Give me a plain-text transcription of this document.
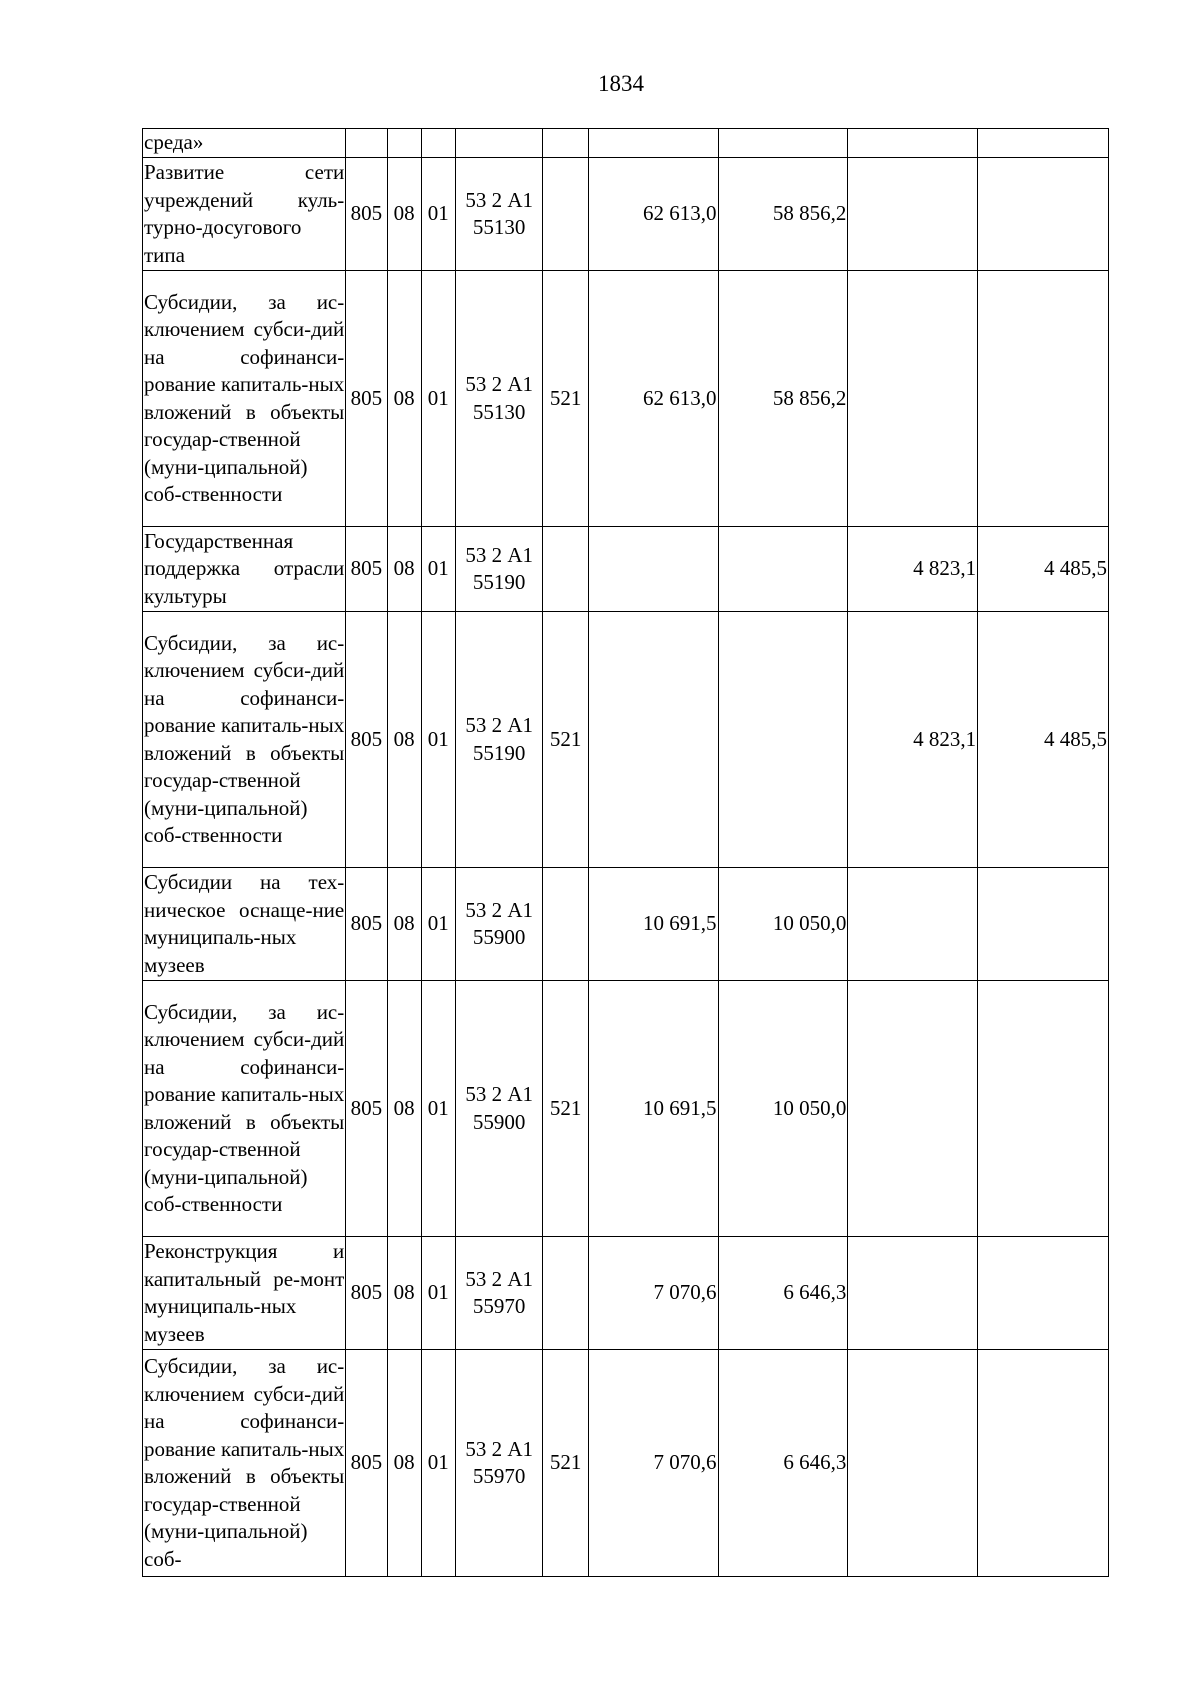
1834
среда»									
Развитие сети учреждений куль-турно-досугового типа	805	08	01	53 2 А1 55130		62 613,0	58 856,2		
Субсидии, за ис-ключением субси-дий на софинанси-рование капиталь-ных вложений в объекты государ-ственной (муни-ципальной) соб-ственности	805	08	01	53 2 А1 55130	521	62 613,0	58 856,2		
Государственная поддержка отрасли культуры	805	08	01	53 2 А1 55190				4 823,1	4 485,5
Субсидии, за ис-ключением субси-дий на софинанси-рование капиталь-ных вложений в объекты государ-ственной (муни-ципальной) соб-ственности	805	08	01	53 2 А1 55190	521			4 823,1	4 485,5
Субсидии на тех-ническое оснаще-ние муниципаль-ных музеев	805	08	01	53 2 А1 55900		10 691,5	10 050,0		
Субсидии, за ис-ключением субси-дий на софинанси-рование капиталь-ных вложений в объекты государ-ственной (муни-ципальной) соб-ственности	805	08	01	53 2 А1 55900	521	10 691,5	10 050,0		
Реконструкция и капитальный ре-монт муниципаль-ных музеев	805	08	01	53 2 А1 55970		7 070,6	6 646,3		
Субсидии, за ис-ключением субси-дий на софинанси-рование капиталь-ных вложений в объекты государ-ственной (муни-ципальной) соб-	805	08	01	53 2 А1 55970	521	7 070,6	6 646,3		
